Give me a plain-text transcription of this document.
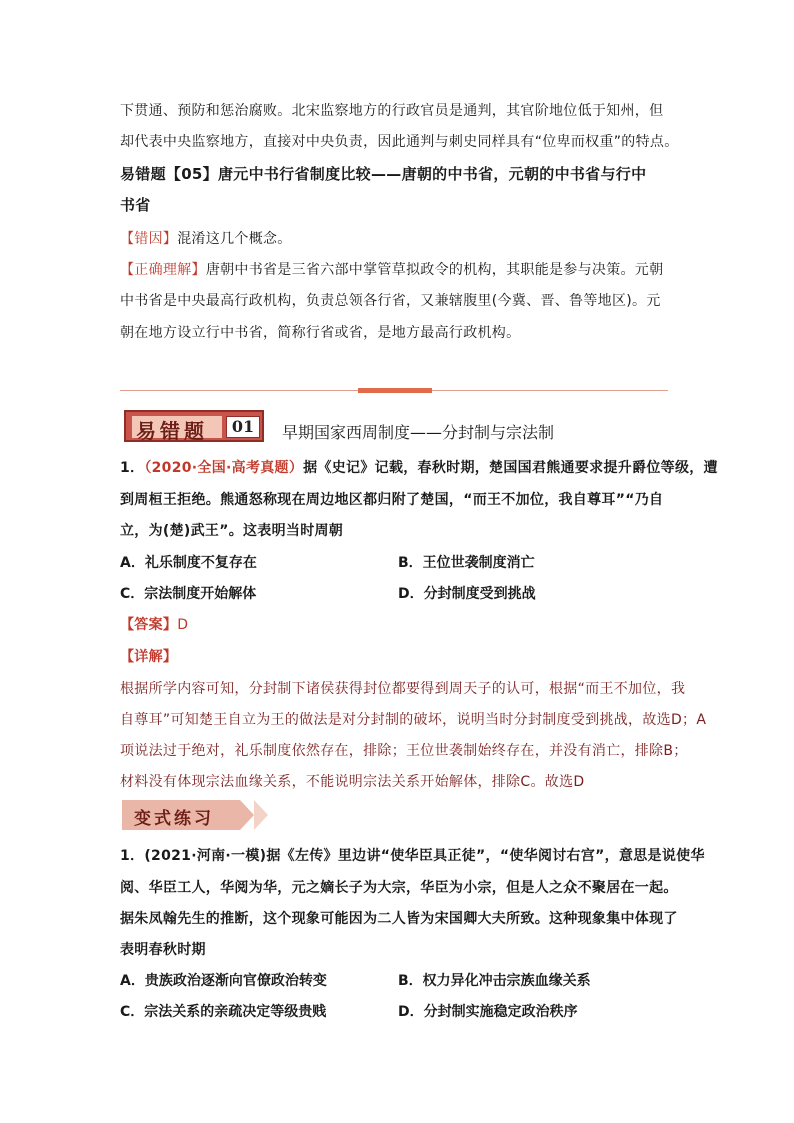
下贯通、预防和惩治腐败。北宋监察地方的行政官员是通判，其官阶地位低于知州，但
却代表中央监察地方，直接对中央负责，因此通判与刺史同样具有“位卑而权重”的特点。
易错题【05】唐元中书行省制度比较——唐朝的中书省，元朝的中书省与行中
书省
【错因】混淆这几个概念。
【正确理解】唐朝中书省是三省六部中掌管草拟政令的机构，其职能是参与决策。元朝
中书省是中央最高行政机构，负责总领各行省，又兼辖腹里(今冀、晋、鲁等地区)。元
朝在地方设立行中书省，简称行省或省，是地方最高行政机构。
易错题	01	早期国家西周制度——分封制与宗法制
1．（2020·全国·高考真题）据《史记》记载，春秋时期，楚国国君熊通要求提升爵位等级，遭
到周桓王拒绝。熊通怒称现在周边地区都归附了楚国，“而王不加位，我自尊耳”“乃自
立，为(楚)武王”。这表明当时周朝
A．礼乐制度不复存在	B．王位世袭制度消亡
C．宗法制度开始解体	D．分封制度受到挑战
【答案】D
【详解】
根据所学内容可知，分封制下诸侯获得封位都要得到周天子的认可，根据“而王不加位，我
自尊耳”可知楚王自立为王的做法是对分封制的破坏，说明当时分封制度受到挑战，故选D；A
项说法过于绝对，礼乐制度依然存在，排除；王位世袭制始终存在，并没有消亡，排除B；
材料没有体现宗法血缘关系，不能说明宗法关系开始解体，排除C。故选D
变式练习
1．(2021·河南·一模)据《左传》里边讲“使华臣具正徒”，“使华阅讨右宫”，意思是说使华
阅、华臣工人，华阅为华，元之嫡长子为大宗，华臣为小宗，但是人之众不聚居在一起。
据朱凤翰先生的推断，这个现象可能因为二人皆为宋国卿大夫所致。这种现象集中体现了
表明春秋时期
A．贵族政治逐渐向官僚政治转变	B．权力异化冲击宗族血缘关系
C．宗法关系的亲疏决定等级贵贱	D．分封制实施稳定政治秩序
